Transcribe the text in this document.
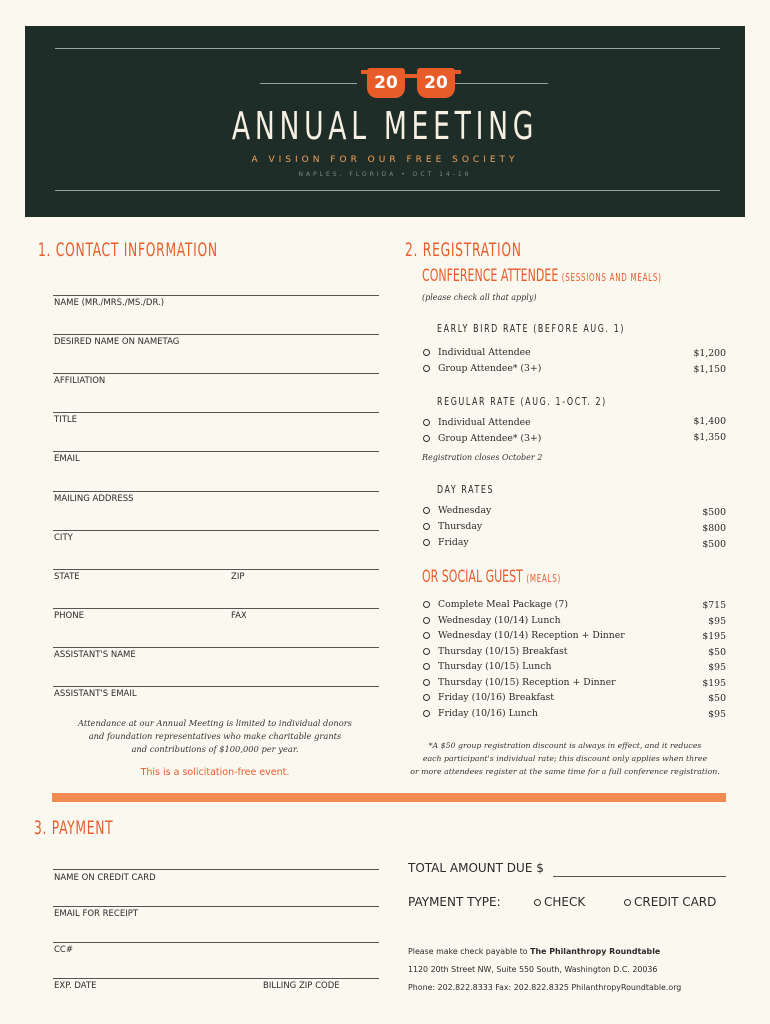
20	20
ANNUAL MEETING
A VISION FOR OUR FREE SOCIETY
NAPLES, FLORIDA • OCT 14-16
1. CONTACT INFORMATION
NAME (MR./MRS./MS./DR.)
DESIRED NAME ON NAMETAG
AFFILIATION
TITLE
EMAIL
MAILING ADDRESS
CITY
STATE	ZIP
PHONE	FAX
ASSISTANT'S NAME
ASSISTANT'S EMAIL
Attendance at our Annual Meeting is limited to individual donors
and foundation representatives who make charitable grants
and contributions of $100,000 per year.
This is a solicitation-free event.
2. REGISTRATION
CONFERENCE ATTENDEE (SESSIONS AND MEALS)
(please check all that apply)
EARLY BIRD RATE (BEFORE AUG. 1)
Individual Attendee	$1,200
Group Attendee* (3+)	$1,150
REGULAR RATE (AUG. 1-OCT. 2)
Individual Attendee	$1,400
Group Attendee* (3+)	$1,350
Registration closes October 2
DAY RATES
Wednesday	$500
Thursday	$800
Friday	$500
OR SOCIAL GUEST (MEALS)
Complete Meal Package (7)	$715
Wednesday (10/14) Lunch	$95
Wednesday (10/14) Reception + Dinner	$195
Thursday (10/15) Breakfast	$50
Thursday (10/15) Lunch	$95
Thursday (10/15) Reception + Dinner	$195
Friday (10/16) Breakfast	$50
Friday (10/16) Lunch	$95
*A $50 group registration discount is always in effect, and it reduces
each participant's individual rate; this discount only applies when three
or more attendees register at the same time for a full conference registration.
3. PAYMENT
NAME ON CREDIT CARD
EMAIL FOR RECEIPT
CC#
EXP. DATE	BILLING ZIP CODE
TOTAL AMOUNT DUE $
PAYMENT TYPE:	CHECK	CREDIT CARD
Please make check payable to The Philanthropy Roundtable
1120 20th Street NW, Suite 550 South, Washington D.C. 20036
Phone: 202.822.8333 Fax: 202.822.8325 PhilanthropyRoundtable.org
